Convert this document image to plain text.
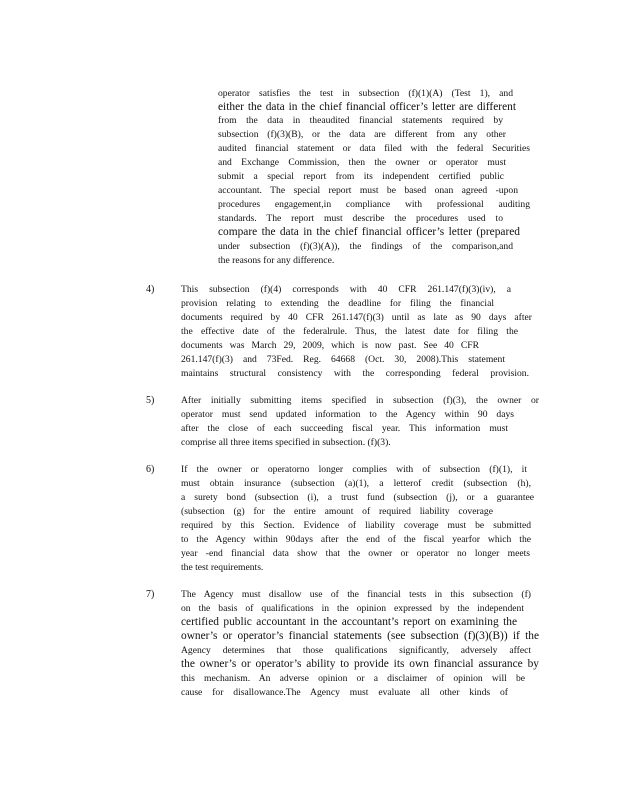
operator satisfies the test in subsection (f)(1)(A) (Test 1), and
either the data in the chief financial officer’s letter are different
from the data in theaudited financial statements required by
subsection (f)(3)(B), or the data are different from any other
audited financial statement or data filed with the federal Securities
and Exchange Commission, then the owner or operator must
submit a special report from its independent certified public
accountant. The special report must be based onan agreed -upon
procedures engagement,in compliance with professional auditing
standards. The report must describe the procedures used to
compare the data in the chief financial officer’s letter (prepared
under subsection (f)(3)(A)), the findings of the comparison,and
the reasons for any difference.
4)	This subsection (f)(4) corresponds with 40 CFR 261.147(f)(3)(iv), a
provision relating to extending the deadline for filing the financial
documents required by 40 CFR 261.147(f)(3) until as late as 90 days after
the effective date of the federalrule. Thus, the latest date for filing the
documents was March 29, 2009, which is now past. See 40 CFR
261.147(f)(3) and 73Fed. Reg. 64668 (Oct. 30, 2008).This statement
maintains structural consistency with the corresponding federal provision.
5)	After initially submitting items specified in subsection (f)(3), the owner or
operator must send updated information to the Agency within 90 days
after the close of each succeeding fiscal year. This information must
comprise all three items specified in subsection. (f)(3).
6)	If the owner or operatorno longer complies with of subsection (f)(1), it
must obtain insurance (subsection (a)(1), a letterof credit (subsection (h),
a surety bond (subsection (i), a trust fund (subsection (j), or a guarantee
(subsection (g) for the entire amount of required liability coverage
required by this Section. Evidence of liability coverage must be submitted
to the Agency within 90days after the end of the fiscal yearfor which the
year -end financial data show that the owner or operator no longer meets
the test requirements.
7)	The Agency must disallow use of the financial tests in this subsection (f)
on the basis of qualifications in the opinion expressed by the independent
certified public accountant in the accountant’s report on examining the
owner’s or operator’s financial statements (see subsection (f)(3)(B)) if the
Agency determines that those qualifications significantly, adversely affect
the owner’s or operator’s ability to provide its own financial assurance by
this mechanism. An adverse opinion or a disclaimer of opinion will be
cause for disallowance.The Agency must evaluate all other kinds of
